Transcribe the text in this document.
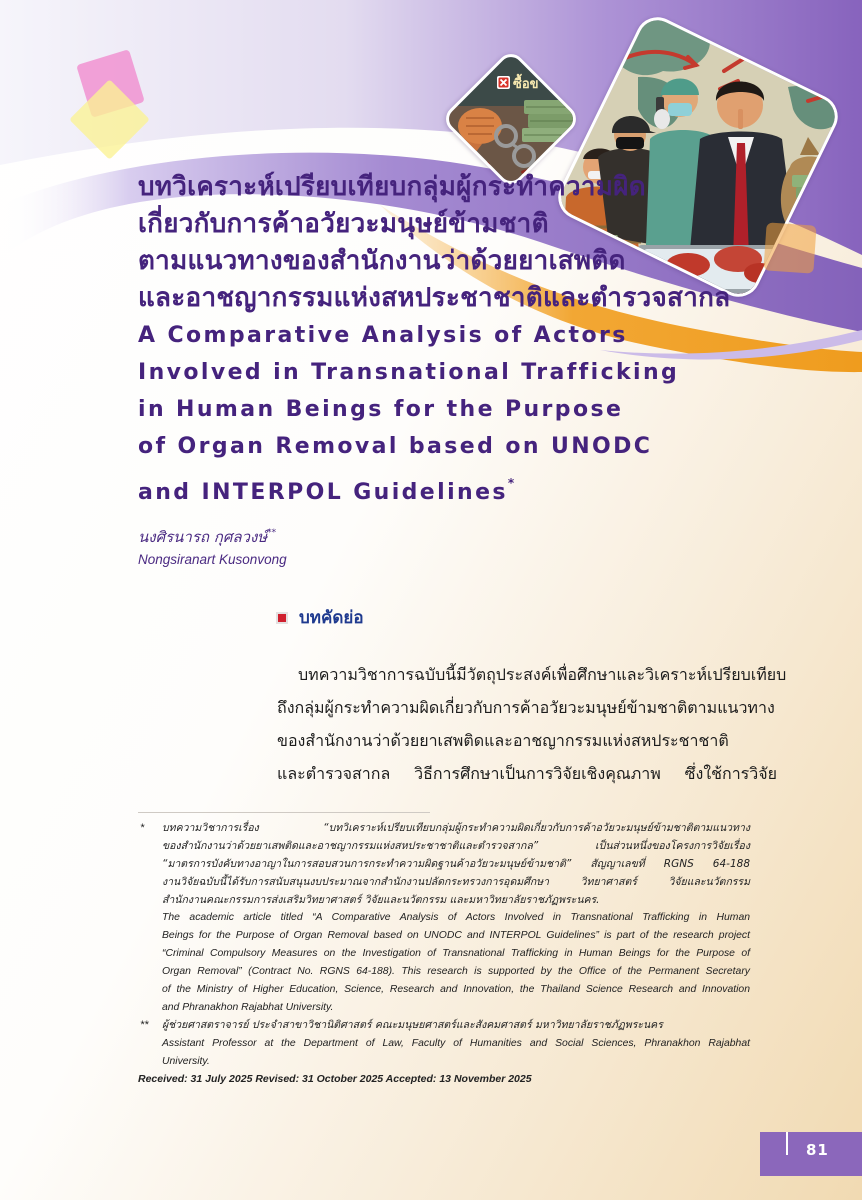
ซื้อข
บทวิเคราะห์เปรียบเทียบกลุ่มผู้กระทำความผิด
เกี่ยวกับการค้าอวัยวะมนุษย์ข้ามชาติ
ตามแนวทางของสำนักงานว่าด้วยยาเสพติด
และอาชญากรรมแห่งสหประชาชาติและตำรวจสากล
A Comparative Analysis of Actors
Involved in Transnational Trafficking
in Human Beings for the Purpose
of Organ Removal based on UNODC
and INTERPOL Guidelines*
นงศิรนารถ กุศลวงษ์**
Nongsiranart Kusonvong
บทคัดย่อ
บทความวิชาการฉบับนี้มีวัตถุประสงค์เพื่อศึกษาและวิเคราะห์เปรียบเทียบ
ถึงกลุ่มผู้กระทำความผิดเกี่ยวกับการค้าอวัยวะมนุษย์ข้ามชาติตามแนวทาง
ของสำนักงานว่าด้วยยาเสพติดและอาชญากรรมแห่งสหประชาชาติ
และตำรวจสากล วิธีการศึกษาเป็นการวิจัยเชิงคุณภาพ ซึ่งใช้การวิจัย
*	บทความวิชาการเรื่อง “บทวิเคราะห์เปรียบเทียบกลุ่มผู้กระทำความผิดเกี่ยวกับการค้าอวัยวะมนุษย์ข้ามชาติตามแนวทาง
ของสำนักงานว่าด้วยยาเสพติดและอาชญากรรมแห่งสหประชาชาติและตำรวจสากล” เป็นส่วนหนึ่งของโครงการวิจัยเรื่อง
“มาตรการบังคับทางอาญาในการสอบสวนการกระทำความผิดฐานค้าอวัยวะมนุษย์ข้ามชาติ” สัญญาเลขที่ RGNS 64-188
งานวิจัยฉบับนี้ได้รับการสนับสนุนงบประมาณจากสำนักงานปลัดกระทรวงการอุดมศึกษา วิทยาศาสตร์ วิจัยและนวัตกรรม
สำนักงานคณะกรรมการส่งเสริมวิทยาศาสตร์ วิจัยและนวัตกรรม และมหาวิทยาลัยราชภัฏพระนคร.
The academic article titled “A Comparative Analysis of Actors Involved in Transnational Trafficking in Human
Beings for the Purpose of Organ Removal based on UNODC and INTERPOL Guidelines” is part of the research project
“Criminal Compulsory Measures on the Investigation of Transnational Trafficking in Human Beings for the Purpose of
Organ Removal” (Contract No. RGNS 64-188). This research is supported by the Office of the Permanent Secretary
of the Ministry of Higher Education, Science, Research and Innovation, the Thailand Science Research and Innovation
and Phranakhon Rajabhat University.
**	ผู้ช่วยศาสตราจารย์ ประจำสาขาวิชานิติศาสตร์ คณะมนุษยศาสตร์และสังคมศาสตร์ มหาวิทยาลัยราชภัฏพระนคร
Assistant Professor at the Department of Law, Faculty of Humanities and Social Sciences, Phranakhon Rajabhat
University.
Received: 31 July 2025 Revised: 31 October 2025 Accepted: 13 November 2025
81
